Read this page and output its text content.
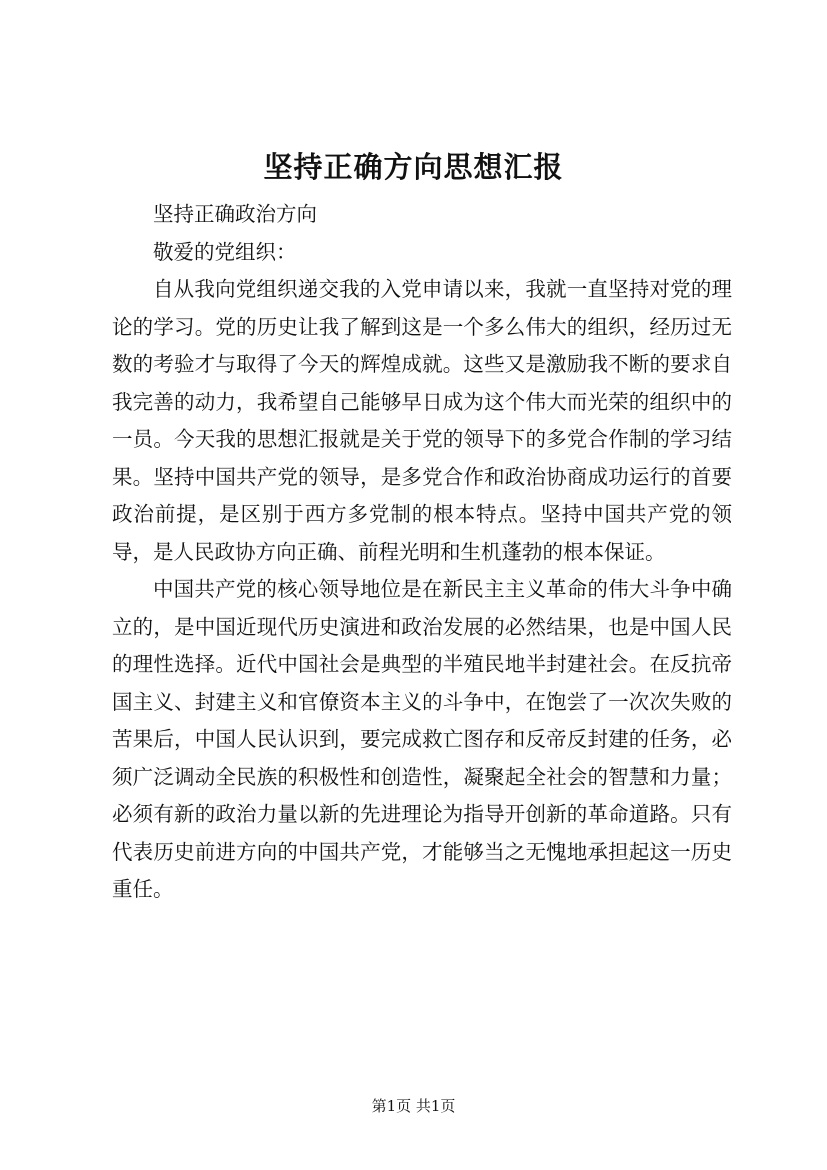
坚持正确方向思想汇报

坚持正确政治方向

敬爱的党组织：

自从我向党组织递交我的入党申请以来，我就一直坚持对党的理论的学习。党的历史让我了解到这是一个多么伟大的组织，经历过无数的考验才与取得了今天的辉煌成就。这些又是激励我不断的要求自我完善的动力，我希望自己能够早日成为这个伟大而光荣的组织中的一员。今天我的思想汇报就是关于党的领导下的多党合作制的学习结果。坚持中国共产党的领导，是多党合作和政治协商成功运行的首要政治前提，是区别于西方多党制的根本特点。坚持中国共产党的领导，是人民政协方向正确、前程光明和生机蓬勃的根本保证。

中国共产党的核心领导地位是在新民主主义革命的伟大斗争中确立的，是中国近现代历史演进和政治发展的必然结果，也是中国人民的理性选择。近代中国社会是典型的半殖民地半封建社会。在反抗帝国主义、封建主义和官僚资本主义的斗争中，在饱尝了一次次失败的苦果后，中国人民认识到，要完成救亡图存和反帝反封建的任务，必须广泛调动全民族的积极性和创造性，凝聚起全社会的智慧和力量；必须有新的政治力量以新的先进理论为指导开创新的革命道路。只有代表历史前进方向的中国共产党，才能够当之无愧地承担起这一历史重任。

第1页 共1页
